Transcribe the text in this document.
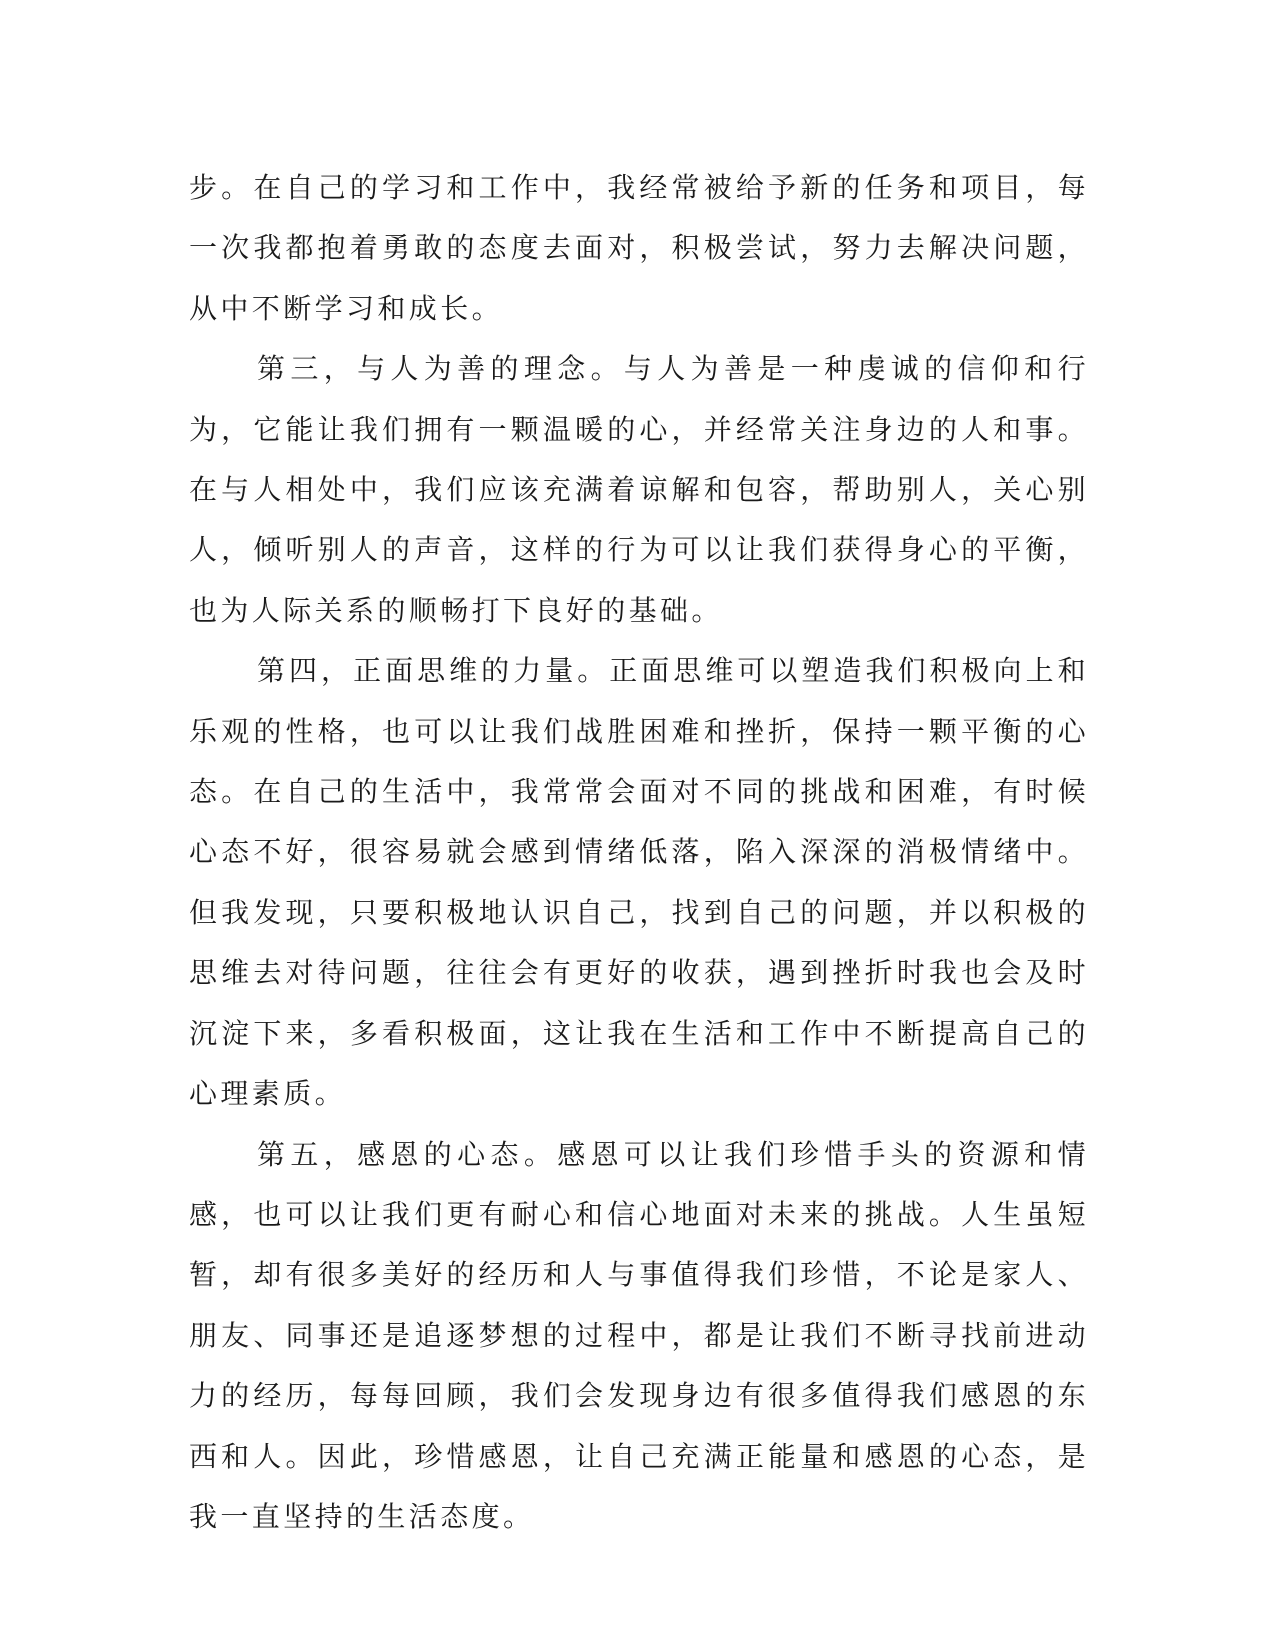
步。在自己的学习和工作中，我经常被给予新的任务和项目，每一次我都抱着勇敢的态度去面对，积极尝试，努力去解决问题，从中不断学习和成长。

第三，与人为善的理念。与人为善是一种虔诚的信仰和行为，它能让我们拥有一颗温暖的心，并经常关注身边的人和事。在与人相处中，我们应该充满着谅解和包容，帮助别人，关心别人，倾听别人的声音，这样的行为可以让我们获得身心的平衡，也为人际关系的顺畅打下良好的基础。

第四，正面思维的力量。正面思维可以塑造我们积极向上和乐观的性格，也可以让我们战胜困难和挫折，保持一颗平衡的心态。在自己的生活中，我常常会面对不同的挑战和困难，有时候心态不好，很容易就会感到情绪低落，陷入深深的消极情绪中。但我发现，只要积极地认识自己，找到自己的问题，并以积极的思维去对待问题，往往会有更好的收获，遇到挫折时我也会及时沉淀下来，多看积极面，这让我在生活和工作中不断提高自己的心理素质。

第五，感恩的心态。感恩可以让我们珍惜手头的资源和情感，也可以让我们更有耐心和信心地面对未来的挑战。人生虽短暂，却有很多美好的经历和人与事值得我们珍惜，不论是家人、朋友、同事还是追逐梦想的过程中，都是让我们不断寻找前进动力的经历，每每回顾，我们会发现身边有很多值得我们感恩的东西和人。因此，珍惜感恩，让自己充满正能量和感恩的心态，是我一直坚持的生活态度。
